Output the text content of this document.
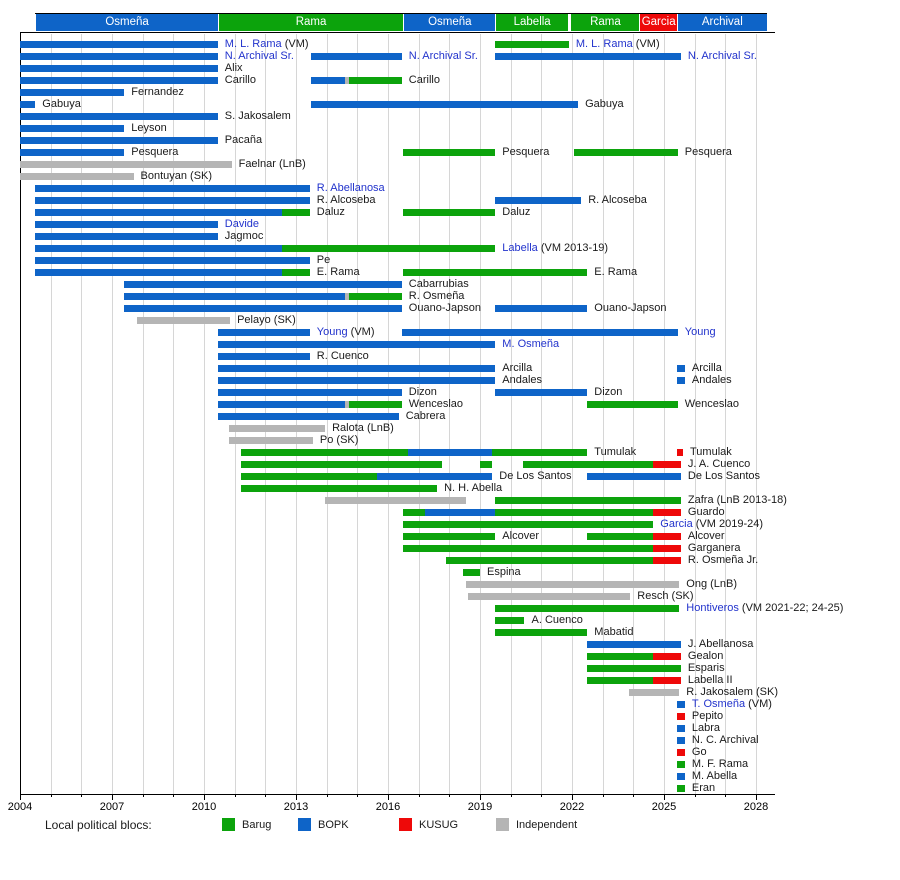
Osmeña	Rama	Osmeña	Labella	Rama	Garcia	Archival
M. L. Rama (VM)	M. L. Rama (VM)
N. Archival Sr.	N. Archival Sr.	N. Archival Sr.
Alix
Carillo	Carillo
Fernandez
Gabuya	Gabuya
S. Jakosalem
Leyson
Pacaña
Pesquera	Pesquera	Pesquera
Faelnar (LnB)
Bontuyan (SK)
R. Abellanosa
R. Alcoseba	R. Alcoseba
Daluz	Daluz
Davide
Jagmoc
Labella (VM 2013-19)
Pe
E. Rama	E. Rama
Cabarrubias
R. Osmeña
Ouano-Japson	Ouano-Japson
Pelayo (SK)
Young (VM)	Young
M. Osmeña
R. Cuenco
Arcilla	Arcilla
Andales	Andales
Dizon	Dizon
Wenceslao	Wenceslao
Cabrera
Ralota (LnB)
Po (SK)
Tumulak	Tumulak
J. A. Cuenco
De Los Santos	De Los Santos
N. H. Abella
Zafra (LnB 2013-18)
Guardo
Garcia (VM 2019-24)
Alcover	Alcover
Garganera
R. Osmeña Jr.
Espina
Ong (LnB)
Resch (SK)
Hontiveros (VM 2021-22; 24-25)
A. Cuenco
Mabatid
J. Abellanosa
Gealon
Esparis
Labella II
R. Jakosalem (SK)
T. Osmeña (VM)
Pepito
Labra
N. C. Archival
Go
M. F. Rama
M. Abella
Eran
2004	2007	2010	2013	2016	2019	2022	2025	2028
Local political blocs:	Barug	BOPK	KUSUG	Independent
